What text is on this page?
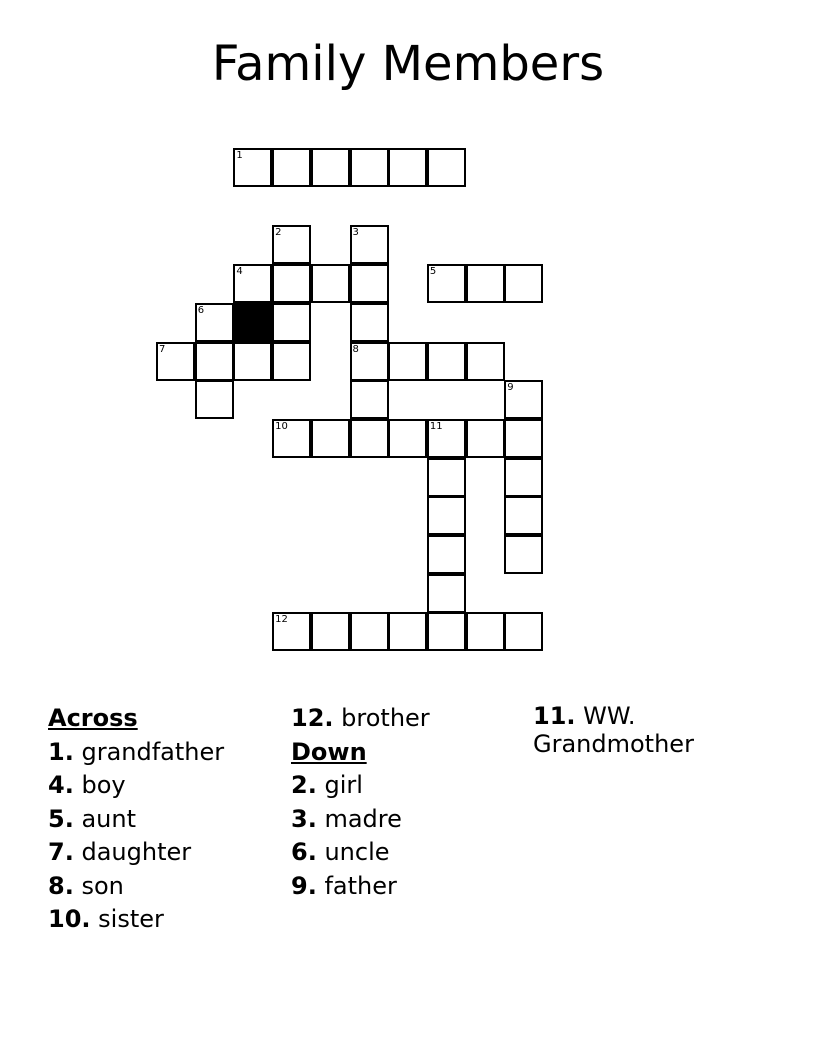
Family Members
1
2	3
4	5
6
7	8
9
10	11
12
Across
1. grandfather
4. boy
5. aunt
7. daughter
8. son
10. sister
12. brother
Down
2. girl
3. madre
6. uncle
9. father
11. WW. Grandmother
